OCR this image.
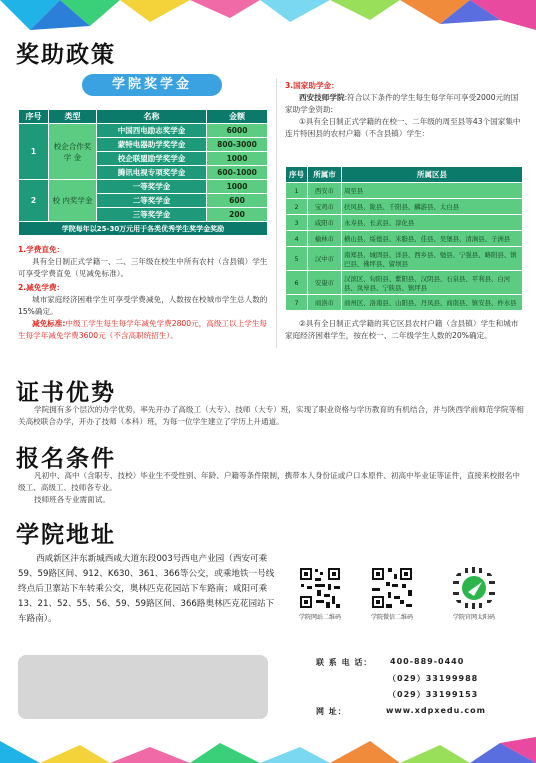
奖助政策
学院奖学金
序号	类型	名称	金额
1	校企合作奖 学 金	中国西电励志奖学金	6000
		蒙特电器助学奖学金	800-3000
		校企联盟励学奖学金	1000
		腾讯电视专项奖学金	600-1000
2	校 内奖学金	一等奖学金	1000
		二等奖学金	600
		三等奖学金	200
学院每年以25-30万元用于各类优秀学生奖学金奖励			
1.学费直免：
具有全日制正式学籍一、二、三年级在校生中所有农村（含县镇）学生可享受学费直免（见减免标准）。
2.减免学费：
城市家庭经济困难学生可享受学费减免，人数按在校城市学生总人数的15%确定。
减免标准:中级工学生每生每学年减免学费2800元，高级工以上学生每生每学年减免学费3600元（不含高职统招生）。
3.国家助学金：
西安技师学院:符合以下条件的学生每生每学年可享受2000元的国家助学金资助:
①具有全日制正式学籍的在校一、二年级的周至县等43个国家集中连片特困县的农村户籍（不含县镇）学生：
序号	所属市	所属区县
1	西安市	周至县
2	宝鸡市	扶风县、陇县、千阳县、麟游县、太白县
3	咸阳市	永寿县、长武县、淳化县
4	榆林市	横山县、绥德县、米脂县、佳县、吴堡县、清涧县、子洲县
5	汉中市	南郑县、城固县、洋县、西乡县、勉县、宁强县、略阳县、镇巴县、佛坪县、留坝县
6	安康市	汉滨区、旬阳县、紫阳县、汉阴县、石泉县、平利县、白河县、岚皋县、宁陕县、镇坪县
7	商洛市	商州区、洛南县、山阳县、丹凤县、商南县、镇安县、柞水县
②具有全日制正式学籍的其它区县农村户籍（含县镇）学生和城市家庭经济困难学生，按在校一、二年级学生人数的20%确定。
证书优势
学院拥有多个层次的办学优势，率先开办了高级工（大专）、技师（大专）班，实现了职业资格与学历教育的有机结合，并与陕西学前师范学院等相关高校联合办学，开办了技师（本科）班，为每一位学生建立了学历上升通道。
报名条件
凡初中、高中（含职专、技校）毕业生不受性别、年龄、户籍等条件限制，携带本人身份证或户口本原件、初高中毕业证等证件，直接来校报名中级工、高级工、技师各专业。
技师班各专业需面试。
学院地址
西咸新区沣东新城西咸大道东段003号西电产业园（西安可乘59、59路区间、912、K630、361、366等公交，或乘地铁一号线终点后卫寨站下车转乘公交，奥林匹克花园站下车路南；咸阳可乘13、21、52、55、56、59、59路区间、366路奥林匹克花园站下车路南）。	学院网站二维码	学院微信二维码	学院官网太阳码
联 系 电 话： 400-889-0440
（029）33199988
（029）33199153
网 址：	www.xdpxedu.com
